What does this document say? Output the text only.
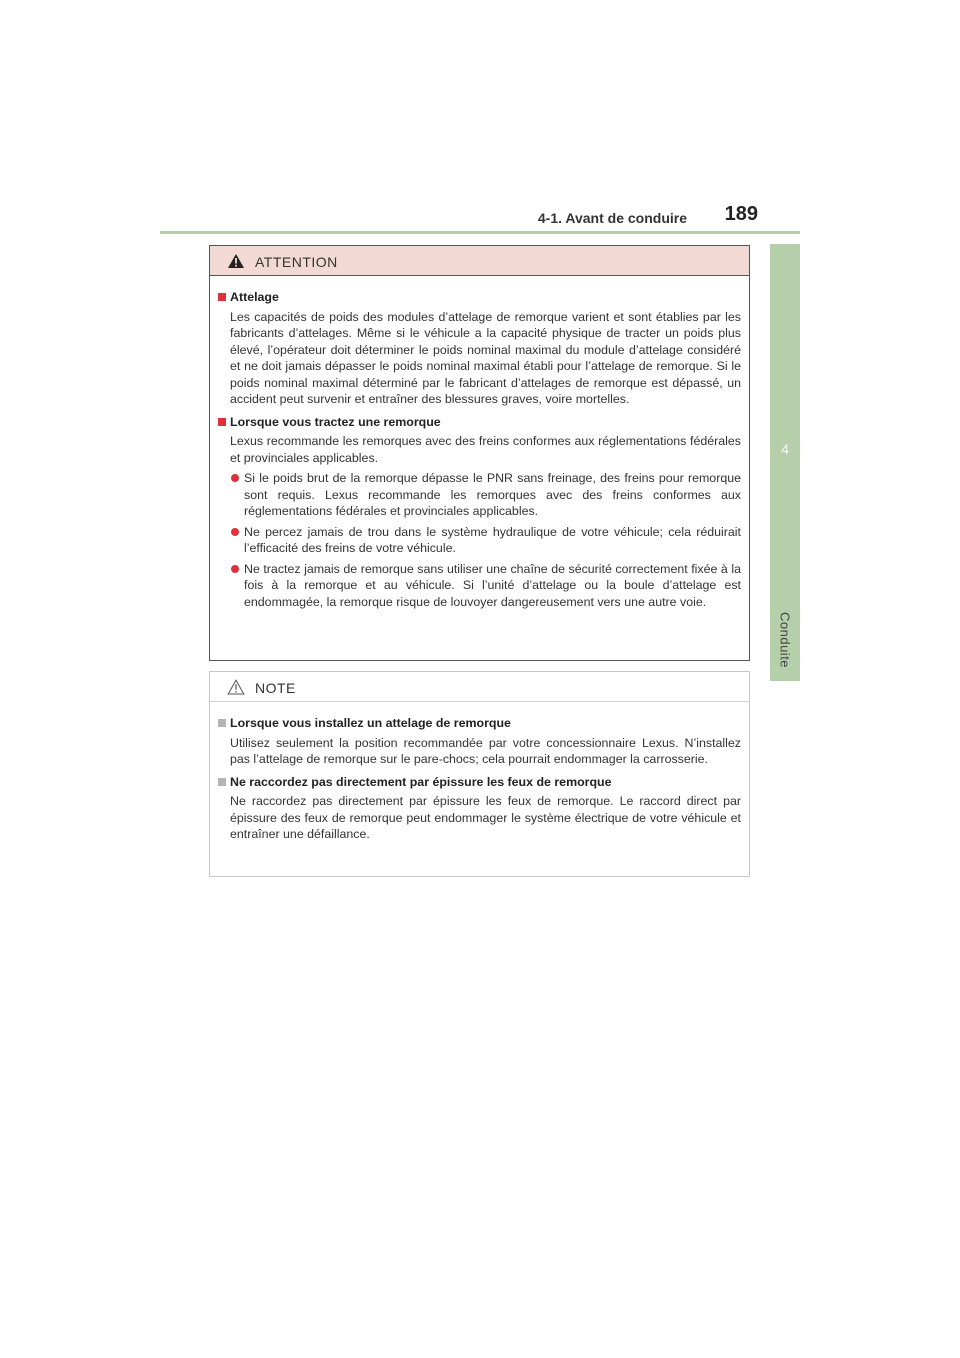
4-1. Avant de conduire 189
4
Conduite
ATTENTION
Attelage
Les capacités de poids des modules d’attelage de remorque varient et sont établies par les fabricants d’attelages. Même si le véhicule a la capacité physique de tracter un poids plus élevé, l’opérateur doit déterminer le poids nominal maximal du module d’attelage considéré et ne doit jamais dépasser le poids nominal maximal établi pour l’attelage de remorque. Si le poids nominal maximal déterminé par le fabricant d’attelages de remorque est dépassé, un accident peut survenir et entraîner des blessures graves, voire mortelles.
Lorsque vous tractez une remorque
Lexus recommande les remorques avec des freins conformes aux réglementations fédérales et provinciales applicables.
Si le poids brut de la remorque dépasse le PNR sans freinage, des freins pour remorque sont requis. Lexus recommande les remorques avec des freins conformes aux réglementations fédérales et provinciales applicables.
Ne percez jamais de trou dans le système hydraulique de votre véhicule; cela réduirait l’efficacité des freins de votre véhicule.
Ne tractez jamais de remorque sans utiliser une chaîne de sécurité correctement fixée à la fois à la remorque et au véhicule. Si l’unité d’attelage ou la boule d’attelage est endommagée, la remorque risque de louvoyer dangereusement vers une autre voie.
NOTE
Lorsque vous installez un attelage de remorque
Utilisez seulement la position recommandée par votre concessionnaire Lexus. N’installez pas l’attelage de remorque sur le pare-chocs; cela pourrait endommager la carrosserie.
Ne raccordez pas directement par épissure les feux de remorque
Ne raccordez pas directement par épissure les feux de remorque. Le raccord direct par épissure des feux de remorque peut endommager le système électrique de votre véhicule et entraîner une défaillance.
